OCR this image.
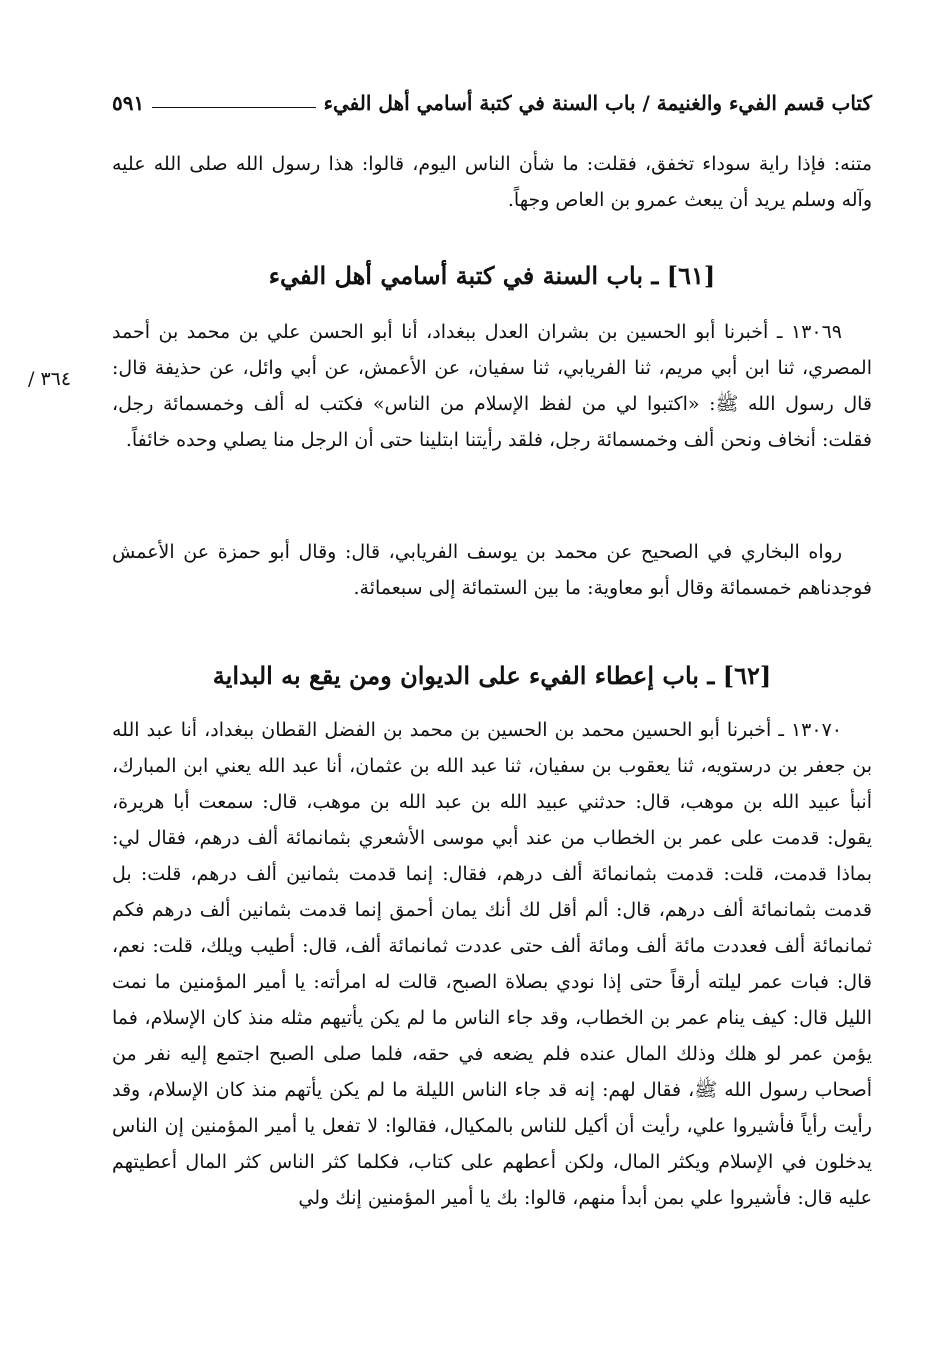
كتاب قسم الفيء والغنيمة / باب السنة في كتبة أسامي أهل الفيء
٥٩١

متنه: فإذا راية سوداء تخفق، فقلت: ما شأن الناس اليوم، قالوا: هذا رسول الله صلى الله عليه وآله وسلم يريد أن يبعث عمرو بن العاص وجهاً.

[٦١] ـ باب السنة في كتبة أسامي أهل الفيء

١٣٠٦٩ ـ أخبرنا أبو الحسين بن بشران العدل ببغداد، أنا أبو الحسن علي بن محمد بن أحمد المصري، ثنا ابن أبي مريم، ثنا الفريابي، ثنا سفيان، عن الأعمش، عن أبي وائل، عن حذيفة قال: قال رسول الله ﷺ: «اكتبوا لي من لفظ الإسلام من الناس» فكتب له ألف وخمسمائة رجل، فقلت: أنخاف ونحن ألف وخمسمائة رجل، فلقد رأيتنا ابتلينا حتى أن الرجل منا يصلي وحده خائفاً.

٣٦٤ /

رواه البخاري في الصحيح عن محمد بن يوسف الفريابي، قال: وقال أبو حمزة عن الأعمش فوجدناهم خمسمائة وقال أبو معاوية: ما بين الستمائة إلى سبعمائة.

[٦٢] ـ باب إعطاء الفيء على الديوان ومن يقع به البداية

١٣٠٧٠ ـ أخبرنا أبو الحسين محمد بن الحسين بن محمد بن الفضل القطان ببغداد، أنا عبد الله بن جعفر بن درستويه، ثنا يعقوب بن سفيان، ثنا عبد الله بن عثمان، أنا عبد الله يعني ابن المبارك، أنبأ عبيد الله بن موهب، قال: حدثني عبيد الله بن عبد الله بن موهب، قال: سمعت أبا هريرة، يقول: قدمت على عمر بن الخطاب من عند أبي موسى الأشعري بثمانمائة ألف درهم، فقال لي: بماذا قدمت، قلت: قدمت بثمانمائة ألف درهم، فقال: إنما قدمت بثمانين ألف درهم، قلت: بل قدمت بثمانمائة ألف درهم، قال: ألم أقل لك أنك يمان أحمق إنما قدمت بثمانين ألف درهم فكم ثمانمائة ألف فعددت مائة ألف ومائة ألف حتى عددت ثمانمائة ألف، قال: أطيب ويلك، قلت: نعم، قال: فبات عمر ليلته أرقاً حتى إذا نودي بصلاة الصبح، قالت له امرأته: يا أمير المؤمنين ما نمت الليل قال: كيف ينام عمر بن الخطاب، وقد جاء الناس ما لم يكن يأتيهم مثله منذ كان الإسلام، فما يؤمن عمر لو هلك وذلك المال عنده فلم يضعه في حقه، فلما صلى الصبح اجتمع إليه نفر من أصحاب رسول الله ﷺ، فقال لهم: إنه قد جاء الناس الليلة ما لم يكن يأتهم منذ كان الإسلام، وقد رأيت رأياً فأشيروا علي، رأيت أن أكيل للناس بالمكيال، فقالوا: لا تفعل يا أمير المؤمنين إن الناس يدخلون في الإسلام ويكثر المال، ولكن أعطهم على كتاب، فكلما كثر الناس كثر المال أعطيتهم عليه قال: فأشيروا علي بمن أبدأ منهم، قالوا: بك يا أمير المؤمنين إنك ولي
